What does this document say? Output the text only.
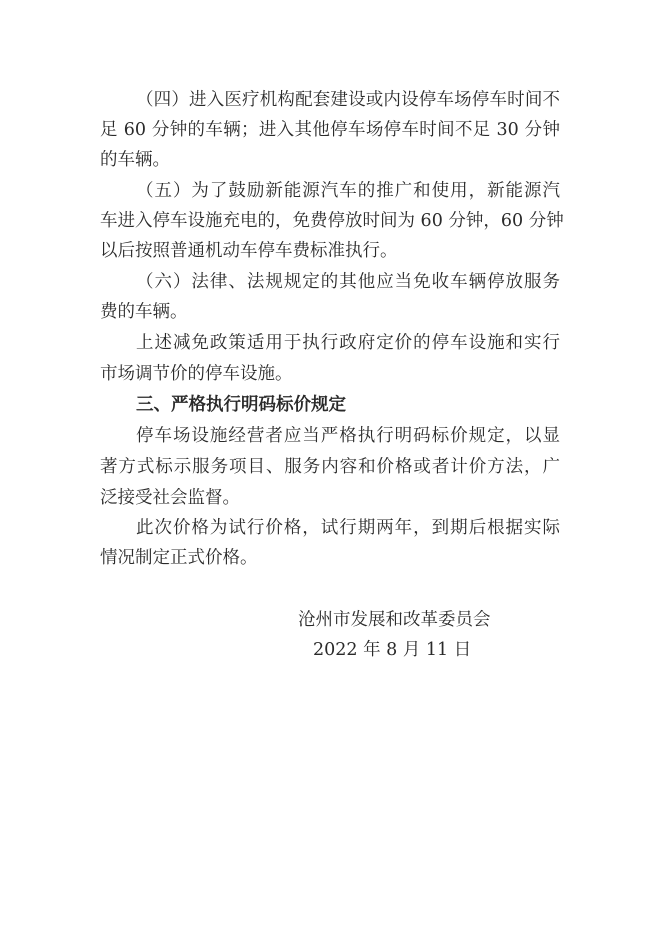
（四）进入医疗机构配套建设或内设停车场停车时间不
足 60 分钟的车辆；进入其他停车场停车时间不足 30 分钟
的车辆。
（五）为了鼓励新能源汽车的推广和使用，新能源汽
车进入停车设施充电的，免费停放时间为 60 分钟，60 分钟
以后按照普通机动车停车费标准执行。
（六）法律、法规规定的其他应当免收车辆停放服务
费的车辆。
上述减免政策适用于执行政府定价的停车设施和实行
市场调节价的停车设施。
三、严格执行明码标价规定
停车场设施经营者应当严格执行明码标价规定，以显
著方式标示服务项目、服务内容和价格或者计价方法，广
泛接受社会监督。
此次价格为试行价格，试行期两年，到期后根据实际
情况制定正式价格。
沧州市发展和改革委员会
2022 年 8 月 11 日
